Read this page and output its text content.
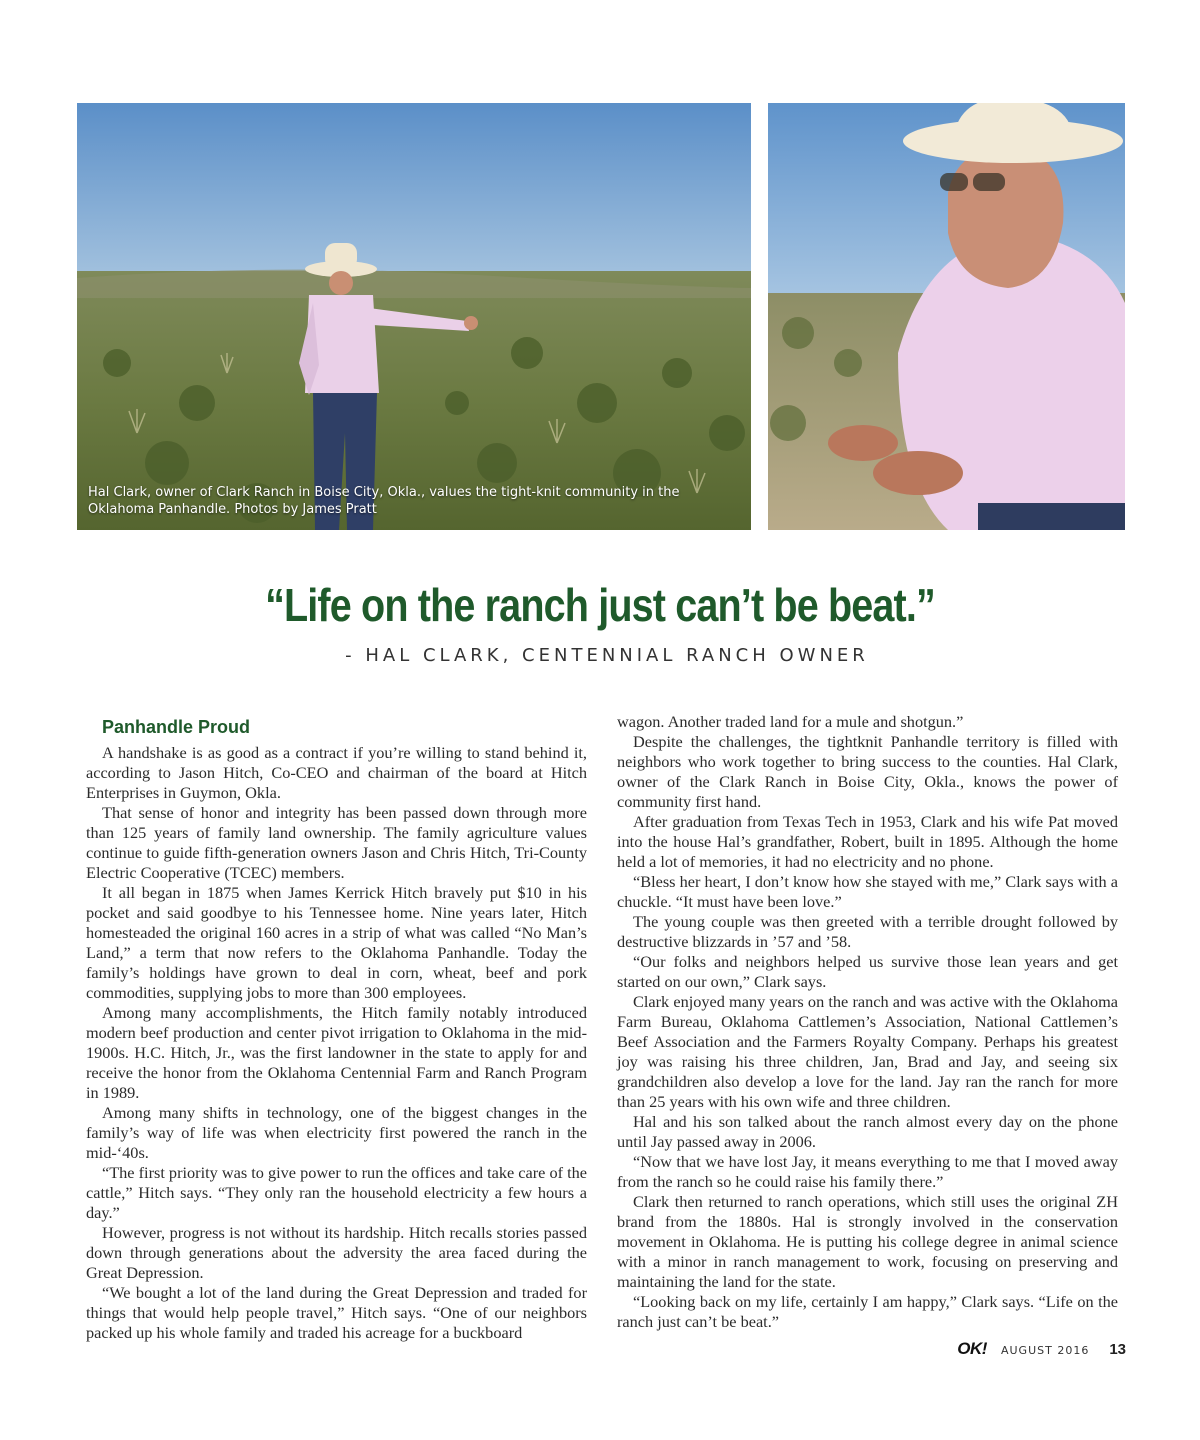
Hal Clark, owner of Clark Ranch in Boise City, Okla., values the tight-knit community in the Oklahoma Panhandle. Photos by James Pratt
“Life on the ranch just can’t be beat.”
- HAL CLARK, CENTENNIAL RANCH OWNER
Panhandle Proud

A handshake is as good as a contract if you’re willing to stand behind it, according to Jason Hitch, Co-CEO and chairman of the board at Hitch Enterprises in Guymon, Okla.

That sense of honor and integrity has been passed down through more than 125 years of family land ownership. The family agriculture values continue to guide fifth-generation owners Jason and Chris Hitch, Tri-County Electric Cooperative (TCEC) members.

It all began in 1875 when James Kerrick Hitch bravely put $10 in his pocket and said goodbye to his Tennessee home. Nine years later, Hitch homesteaded the original 160 acres in a strip of what was called “No Man’s Land,” a term that now refers to the Oklahoma Panhandle. Today the family’s holdings have grown to deal in corn, wheat, beef and pork commodities, supplying jobs to more than 300 employees.

Among many accomplishments, the Hitch family notably introduced modern beef production and center pivot irrigation to Oklahoma in the mid-1900s. H.C. Hitch, Jr., was the first landowner in the state to apply for and receive the honor from the Oklahoma Centennial Farm and Ranch Program in 1989.

Among many shifts in technology, one of the biggest changes in the family’s way of life was when electricity first powered the ranch in the mid-‘40s.

“The first priority was to give power to run the offices and take care of the cattle,” Hitch says. “They only ran the household electricity a few hours a day.”

However, progress is not without its hardship. Hitch recalls stories passed down through generations about the adversity the area faced during the Great Depression.

“We bought a lot of the land during the Great Depression and traded for things that would help people travel,” Hitch says. “One of our neighbors packed up his whole family and traded his acreage for a buckboard

wagon. Another traded land for a mule and shotgun.”

Despite the challenges, the tightknit Panhandle territory is filled with neighbors who work together to bring success to the counties. Hal Clark, owner of the Clark Ranch in Boise City, Okla., knows the power of community first hand.

After graduation from Texas Tech in 1953, Clark and his wife Pat moved into the house Hal’s grandfather, Robert, built in 1895. Although the home held a lot of memories, it had no electricity and no phone.

“Bless her heart, I don’t know how she stayed with me,” Clark says with a chuckle. “It must have been love.”

The young couple was then greeted with a terrible drought followed by destructive blizzards in ’57 and ’58.

“Our folks and neighbors helped us survive those lean years and get started on our own,” Clark says.

Clark enjoyed many years on the ranch and was active with the Oklahoma Farm Bureau, Oklahoma Cattlemen’s Association, National Cattlemen’s Beef Association and the Farmers Royalty Company. Perhaps his greatest joy was raising his three children, Jan, Brad and Jay, and seeing six grandchildren also develop a love for the land. Jay ran the ranch for more than 25 years with his own wife and three children.

Hal and his son talked about the ranch almost every day on the phone until Jay passed away in 2006.

“Now that we have lost Jay, it means everything to me that I moved away from the ranch so he could raise his family there.”

Clark then returned to ranch operations, which still uses the original ZH brand from the 1880s. Hal is strongly involved in the conservation movement in Oklahoma. He is putting his college degree in animal science with a minor in ranch management to work, focusing on preserving and maintaining the land for the state.

“Looking back on my life, certainly I am happy,” Clark says. “Life on the ranch just can’t be beat.”

OK! AUGUST 2016 13
